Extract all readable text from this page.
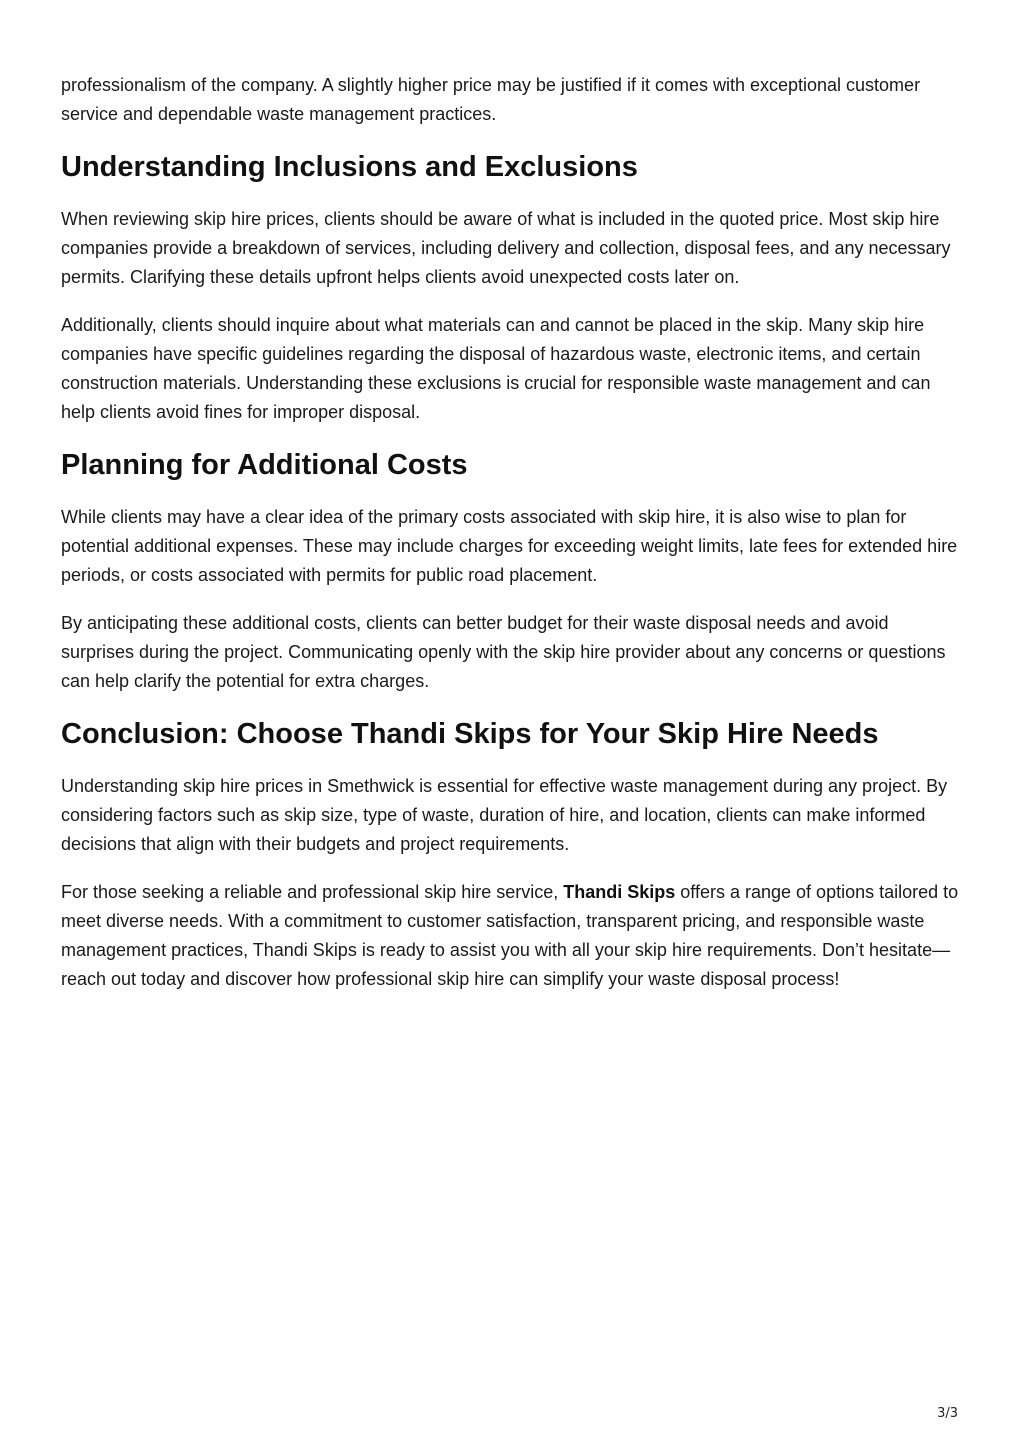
professionalism of the company. A slightly higher price may be justified if it comes with exceptional customer service and dependable waste management practices.

Understanding Inclusions and Exclusions

When reviewing skip hire prices, clients should be aware of what is included in the quoted price. Most skip hire companies provide a breakdown of services, including delivery and collection, disposal fees, and any necessary permits. Clarifying these details upfront helps clients avoid unexpected costs later on.

Additionally, clients should inquire about what materials can and cannot be placed in the skip. Many skip hire companies have specific guidelines regarding the disposal of hazardous waste, electronic items, and certain construction materials. Understanding these exclusions is crucial for responsible waste management and can help clients avoid fines for improper disposal.

Planning for Additional Costs

While clients may have a clear idea of the primary costs associated with skip hire, it is also wise to plan for potential additional expenses. These may include charges for exceeding weight limits, late fees for extended hire periods, or costs associated with permits for public road placement.

By anticipating these additional costs, clients can better budget for their waste disposal needs and avoid surprises during the project. Communicating openly with the skip hire provider about any concerns or questions can help clarify the potential for extra charges.

Conclusion: Choose Thandi Skips for Your Skip Hire Needs

Understanding skip hire prices in Smethwick is essential for effective waste management during any project. By considering factors such as skip size, type of waste, duration of hire, and location, clients can make informed decisions that align with their budgets and project requirements.

For those seeking a reliable and professional skip hire service, Thandi Skips offers a range of options tailored to meet diverse needs. With a commitment to customer satisfaction, transparent pricing, and responsible waste management practices, Thandi Skips is ready to assist you with all your skip hire requirements. Don’t hesitate—reach out today and discover how professional skip hire can simplify your waste disposal process!

3/3
